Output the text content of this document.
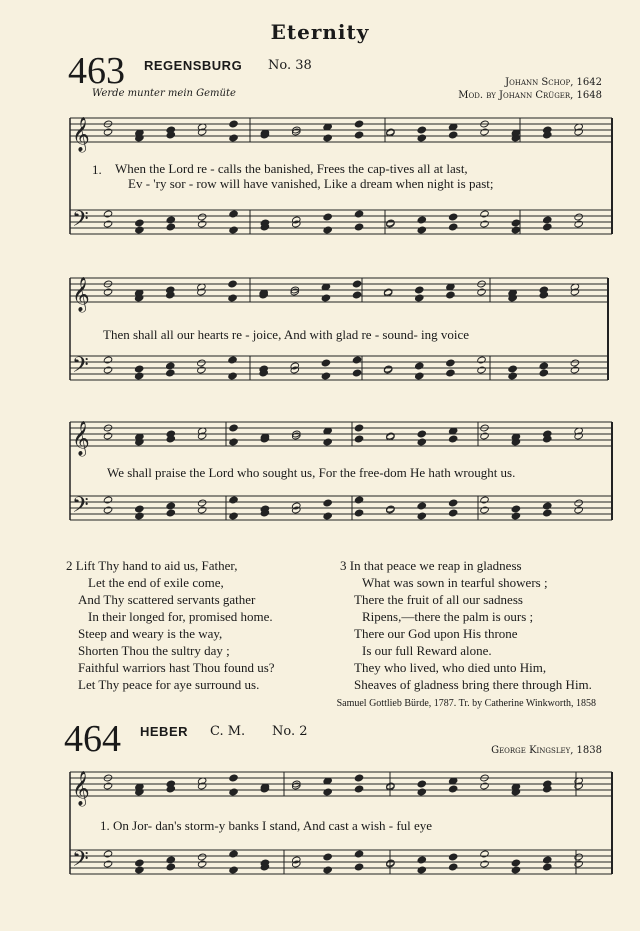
Eternity
463 REGENSBURG No. 38
Werde munter mein Gemüte
Johann Schop, 1642
Mod. by Johann Crüger, 1648
𝄞
𝄢
𝄞
𝄢
𝄞
𝄢
𝄞
𝄢
1. When the Lord re - calls the banished, Frees the cap-tives all at last,
Ev - 'ry sor - row will have vanished, Like a dream when night is past;
Then shall all our hearts re - joice, And with glad re - sound- ing voice
We shall praise the Lord who sought us, For the free-dom He hath wrought us.
2 Lift Thy hand to aid us, Father,
Let the end of exile come,
And Thy scattered servants gather
In their longed for, promised home.
Steep and weary is the way,
Shorten Thou the sultry day ;
Faithful warriors hast Thou found us?
Let Thy peace for aye surround us.
3 In that peace we reap in gladness
What was sown in tearful showers ;
There the fruit of all our sadness
Ripens,—there the palm is ours ;
There our God upon His throne
Is our full Reward alone.
They who lived, who died unto Him,
Sheaves of gladness bring there through Him.
Samuel Gottlieb Bürde, 1787. Tr. by Catherine Winkworth, 1858
464 HEBER C. M. No. 2
George Kingsley, 1838
1. On Jor- dan's storm-y banks I stand, And cast a wish - ful eye
